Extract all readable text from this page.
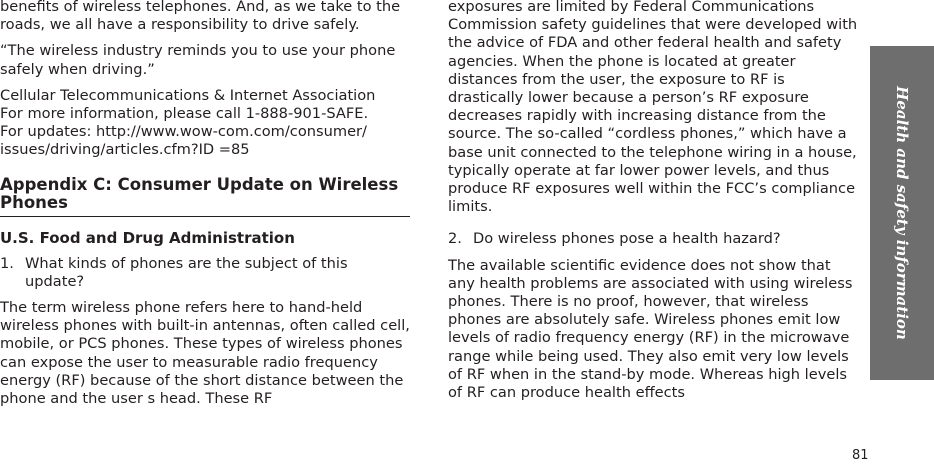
benefits of wireless telephones. And, as we take to the roads, we all have a responsibility to drive safely.

“The wireless industry reminds you to use your phone safely when driving.”

Cellular Telecommunications & Internet Association

For more information, please call 1-888-901-SAFE.

For updates: http://www.wow-com.com/consumer/ issues/driving/articles.cfm?ID =85

Appendix C: Consumer Update on Wireless Phones

U.S. Food and Drug Administration

1. What kinds of phones are the subject of this update?

The term wireless phone refers here to hand-held wireless phones with built-in antennas, often called cell, mobile, or PCS phones. These types of wireless phones can expose the user to measurable radio frequency energy (RF) because of the short distance between the phone and the user s head. These RF

exposures are limited by Federal Communications Commission safety guidelines that were developed with the advice of FDA and other federal health and safety agencies. When the phone is located at greater distances from the user, the exposure to RF is drastically lower because a person’s RF exposure decreases rapidly with increasing distance from the source. The so-called “cordless phones,” which have a base unit connected to the telephone wiring in a house, typically operate at far lower power levels, and thus produce RF exposures well within the FCC’s compliance limits.

2. Do wireless phones pose a health hazard?

The available scientific evidence does not show that any health problems are associated with using wireless phones. There is no proof, however, that wireless phones are absolutely safe. Wireless phones emit low levels of radio frequency energy (RF) in the microwave range while being used. They also emit very low levels of RF when in the stand-by mode. Whereas high levels of RF can produce health effects

Health and safety information
81
